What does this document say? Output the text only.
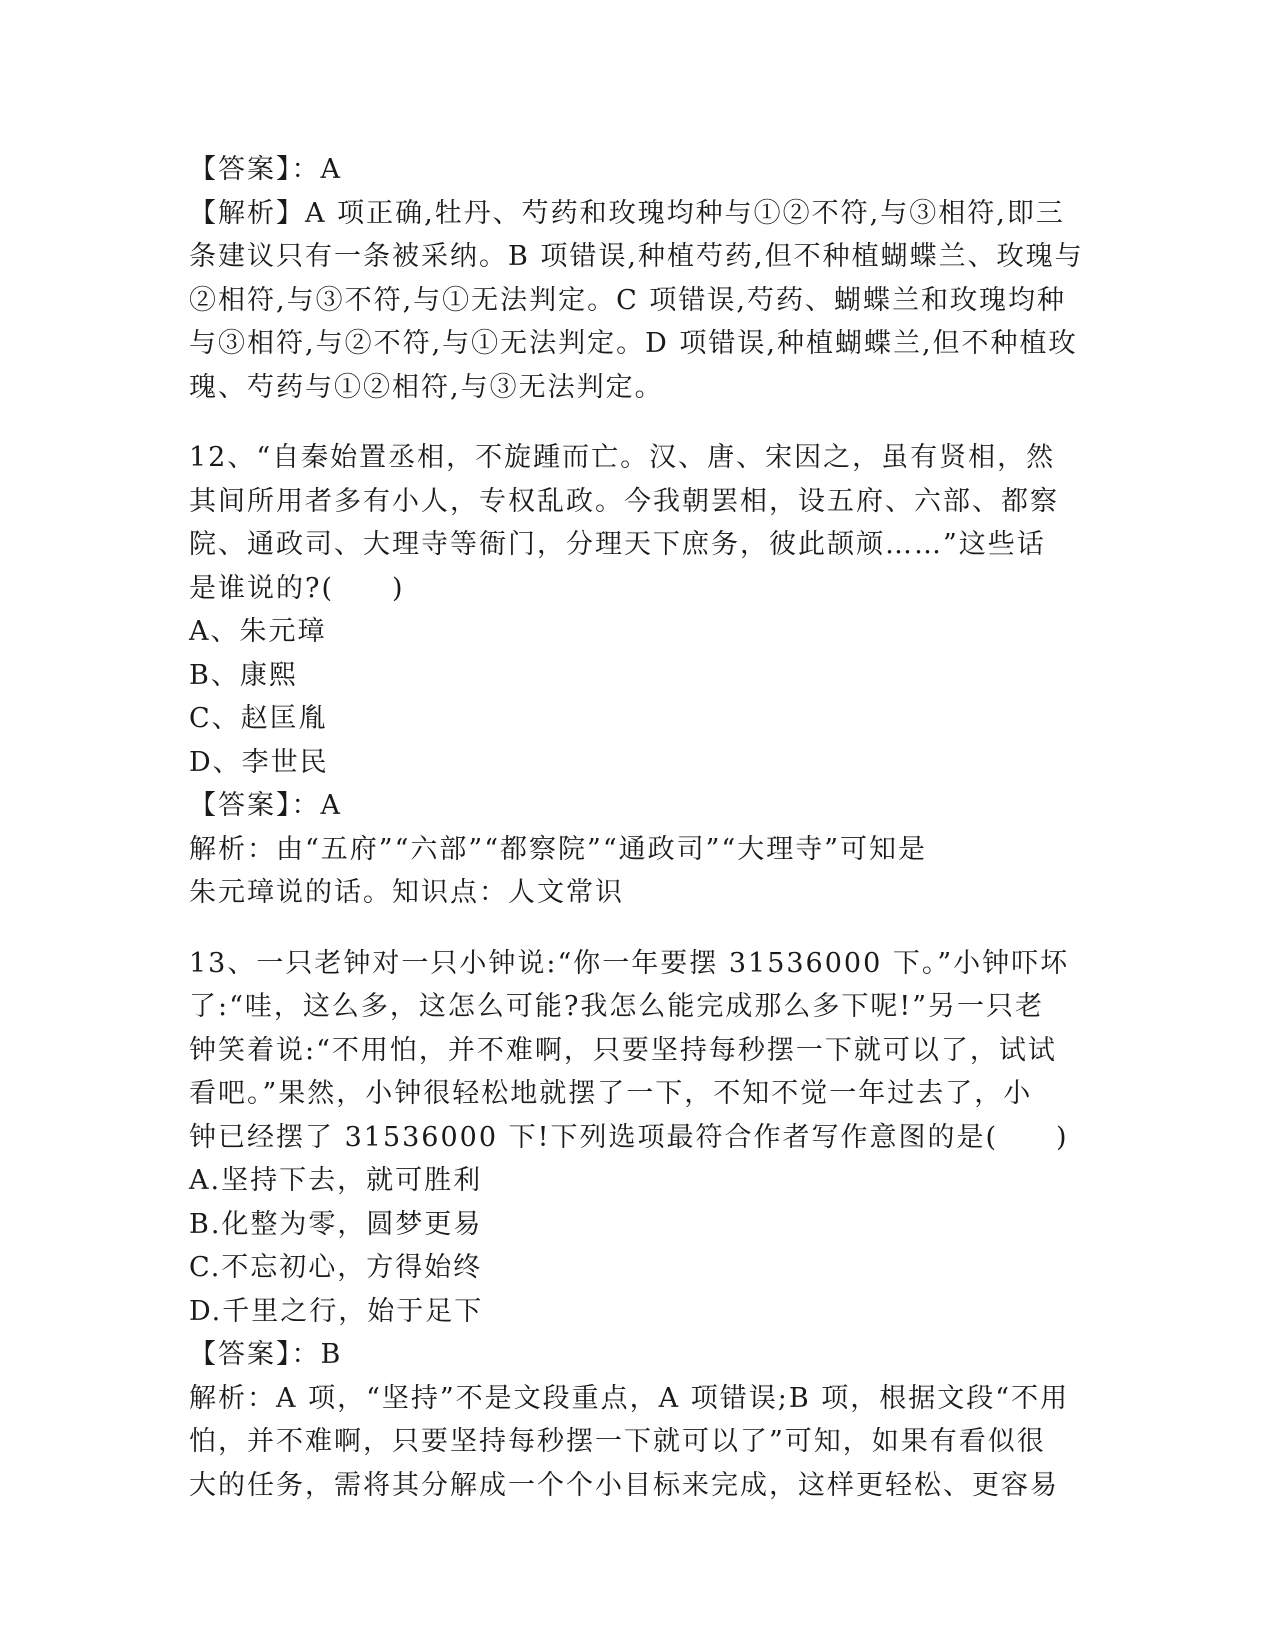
【答案】：A
【解析】A 项正确,牡丹、芍药和玫瑰均种与①②不符,与③相符,即三
条建议只有一条被采纳。B 项错误,种植芍药,但不种植蝴蝶兰、玫瑰与
②相符,与③不符,与①无法判定。C 项错误,芍药、蝴蝶兰和玫瑰均种
与③相符,与②不符,与①无法判定。D 项错误,种植蝴蝶兰,但不种植玫
瑰、芍药与①②相符,与③无法判定。
12、“自秦始置丞相，不旋踵而亡。汉、唐、宋因之，虽有贤相，然
其间所用者多有小人，专权乱政。今我朝罢相，设五府、六部、都察
院、通政司、大理寺等衙门，分理天下庶务，彼此颉颃……”这些话
是谁说的?(　　)
A、朱元璋
B、康熙
C、赵匡胤
D、李世民
【答案】：A
解析：由“五府”“六部”“都察院”“通政司”“大理寺”可知是
朱元璋说的话。知识点：人文常识
13、一只老钟对一只小钟说:“你一年要摆 31536000 下。”小钟吓坏
了:“哇，这么多，这怎么可能?我怎么能完成那么多下呢!”另一只老
钟笑着说:“不用怕，并不难啊，只要坚持每秒摆一下就可以了，试试
看吧。”果然，小钟很轻松地就摆了一下，不知不觉一年过去了，小
钟已经摆了 31536000 下!下列选项最符合作者写作意图的是(　　)
A.坚持下去，就可胜利
B.化整为零，圆梦更易
C.不忘初心，方得始终
D.千里之行，始于足下
【答案】：B
解析：A 项，“坚持”不是文段重点，A 项错误;B 项，根据文段“不用
怕，并不难啊，只要坚持每秒摆一下就可以了”可知，如果有看似很
大的任务，需将其分解成一个个小目标来完成，这样更轻松、更容易
